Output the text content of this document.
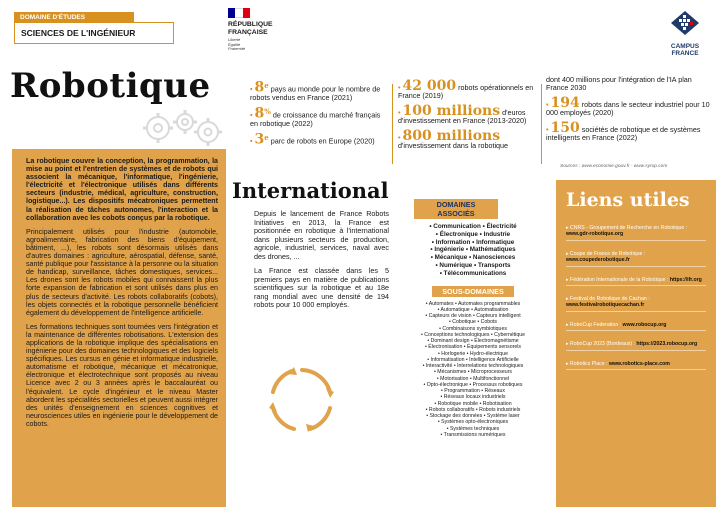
DOMAINE D'ÉTUDES
SCIENCES DE L'INGÉNIEUR
RÉPUBLIQUE
FRANÇAISE
Liberté
Égalité
Fraternité	CAMPUS
FRANCE
Robotique

La robotique couvre la conception, la programmation, la mise au point et l'entretien de systèmes et de robots qui associent la mécanique, l'informatique, l'ingénierie, l'électricité et l'électronique utilisés dans différents secteurs (industrie, médical, agriculture, construction, logistique...). Les dispositifs mécatroniques permettent la réalisation de tâches autonomes, l'interaction et la collaboration avec les cobots conçus par la robotique.

Principalement utilisés pour l'industrie (automobile, agroalimentaire, fabrication des biens d'équipement, bâtiment, ...), les robots sont désormais utilisés dans d'autres domaines : agriculture, aérospatial, défense, santé, santé publique pour l'assistance à la personne ou la situation de handicap, surveillance, tâches domestiques, services... Les drones sont les robots mobiles qui connaissent la plus forte expansion de fabrication et sont utilisés dans plus en plus de secteurs d'activité. Les robots collaboratifs (cobots), les objets connectés et la robotique personnelle bénéficient également du développement de l'intelligence artificielle.

Les formations techniques sont tournées vers l'intégration et la maintenance de différentes robotisations. L'extension des applications de la robotique implique des spécialisations en ingénierie pour des domaines technologiques et des logiciels spécifiques. Les cursus en génie et informatique industrielle, automatisme et robotique, mécanique et mécatronique, électronique et électrotechnique sont proposés au niveau Licence avec 2 ou 3 années après le baccalauréat ou l'équivalent. Le cycle d'ingénieur et le niveau Master abordent les spécialités sectorielles et peuvent aussi intégrer des unités d'enseignement en sciences cognitives et neurosciences utiles en ingénierie pour le développement de cobots.

• 8e pays au monde pour le nombre de robots vendus en France (2021)
• 8% de croissance du marché français en robotique (2022)
• 3e parc de robots en Europe (2020)
• 42 000 robots opérationnels en France (2019)
• 100 millions d'euros d'investissement en France (2013-2020)
• 800 millions d'investissement dans la robotique
dont 400 millions pour l'intégration de l'IA plan France 2030
• 194 robots dans le secteur industriel pour 10 000 employés (2020)
• 150 sociétés de robotique et de systèmes intelligents en France (2022)
Sources : www.economie.gouv.fr - www.syrop.com
International

Depuis le lancement de France Robots Initiatives en 2013, la France est positionnée en robotique à l'international dans plusieurs secteurs de production, agricole, industriel, services, naval avec des drones, ...

La France est classée dans les 5 premiers pays en matière de publications scientifiques sur la robotique et au 18e rang mondial avec une densité de 194 robots pour 10 000 employés.

DOMAINES
ASSOCIÉS
• Communication • Électricité
• Électronique • Industrie
• Information • Informatique
• Ingénierie • Mathématiques
• Mécanique • Nanosciences
• Numérique • Transports
• Télécommunications
SOUS-DOMAINES
• Automates • Automates programmables
• Automatique • Automatisation
• Capteurs de vision • Capteurs intelligent
• Cobotique • Cobots
• Combinaisons symbiotiques
• Conceptions technologiques • Cybernétique
• Dominant design • Électromagnétisme
• Électronisation • Équipements sensorels
• Horlogerie • Hydro-électrique
• Informatisation • Intelligence Artificielle
• Interactivité • Interrelations technologiques
• Mécanismes • Microprocesseurs
• Motorisation • Multifonctionnel
• Opto-électronique • Processus robotiques
• Programmation • Réseaux
• Réseaux locaux industriels
• Robotique mobile • Robotisation
• Robots collaboratifs • Robots industriels
• Stockage des données • Système laser
• Systèmes opto-électroniques
• Systèmes techniques
• Transmissions numériques
Liens utiles
▸ CNRS - Groupement de Recherche en Robotique : www.gdr-robotique.org
▸ Coupe de France de Robotique : www.coupederobotique.fr
▸ Fédération Internationale de la Robotique : https://ifr.org
▸ Festival de Robotique de Cachan : www.festivalrobotiquecachan.fr
▸ RoboCup Federation : www.robocup.org
▸ RoboCup 2023 (Bordeaux) : https://2023.robocup.org
▸ Robotics Place : www.robotics-place.com
